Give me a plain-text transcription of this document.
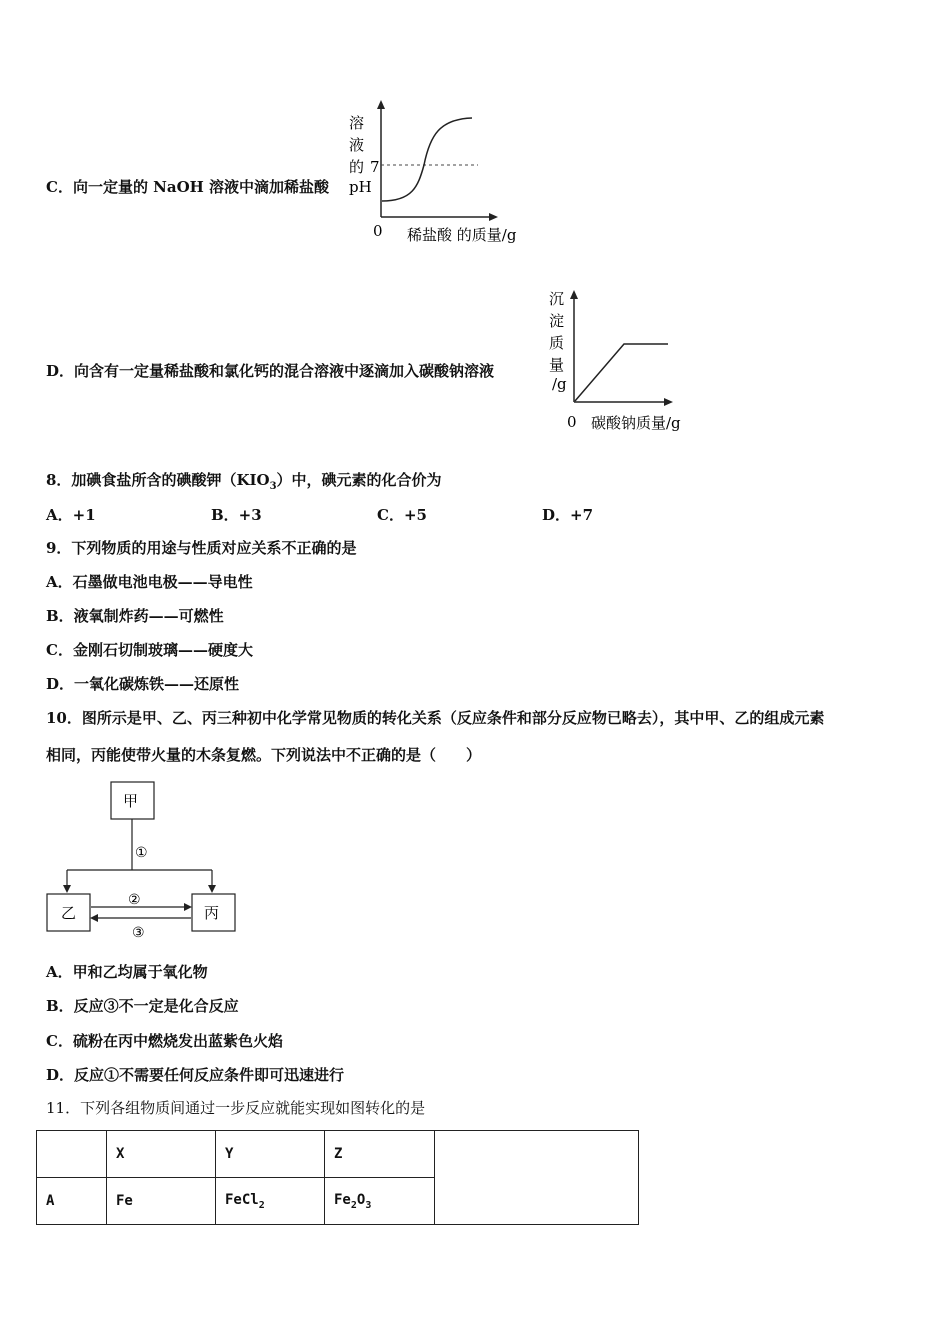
C．向一定量的 NaOH 溶液中滴加稀盐酸
溶
液
的
pH
7
0 稀盐酸 的质量/g
D．向含有一定量稀盐酸和氯化钙的混合溶液中逐滴加入碳酸钠溶液
沉
淀
质
量
/g
0 碳酸钠质量/g
8．加碘食盐所含的碘酸钾$(KIO_3)$中，碘元素的化合价为
A．+1	B．+3	C．+5	D．+7
9．下列物质的用途与性质对应关系不正确的是
A．石墨做电池电极——导电性
B．液氧制炸药——可燃性
C．金刚石切制玻璃——硬度大
D．一氧化碳炼铁——还原性
10．图所示是甲、乙、丙三种初中化学常见物质的转化关系（反应条件和部分反应物已略去），其中甲、乙的组成元素
相同，丙能使带火量的木条复燃。下列说法中不正确的是（　　）
甲
①
乙	丙
②
③
A．甲和乙均属于氧化物
B．反应③不一定是化合反应
C．硫粉在丙中燃烧发出蓝紫色火焰
D．反应①不需要任何反应条件即可迅速进行
11．下列各组物质间通过一步反应就能实现如图转化的是
	X	Y	Z	
A	Fe	FeCl$_2$	$Fe_2O_3$
